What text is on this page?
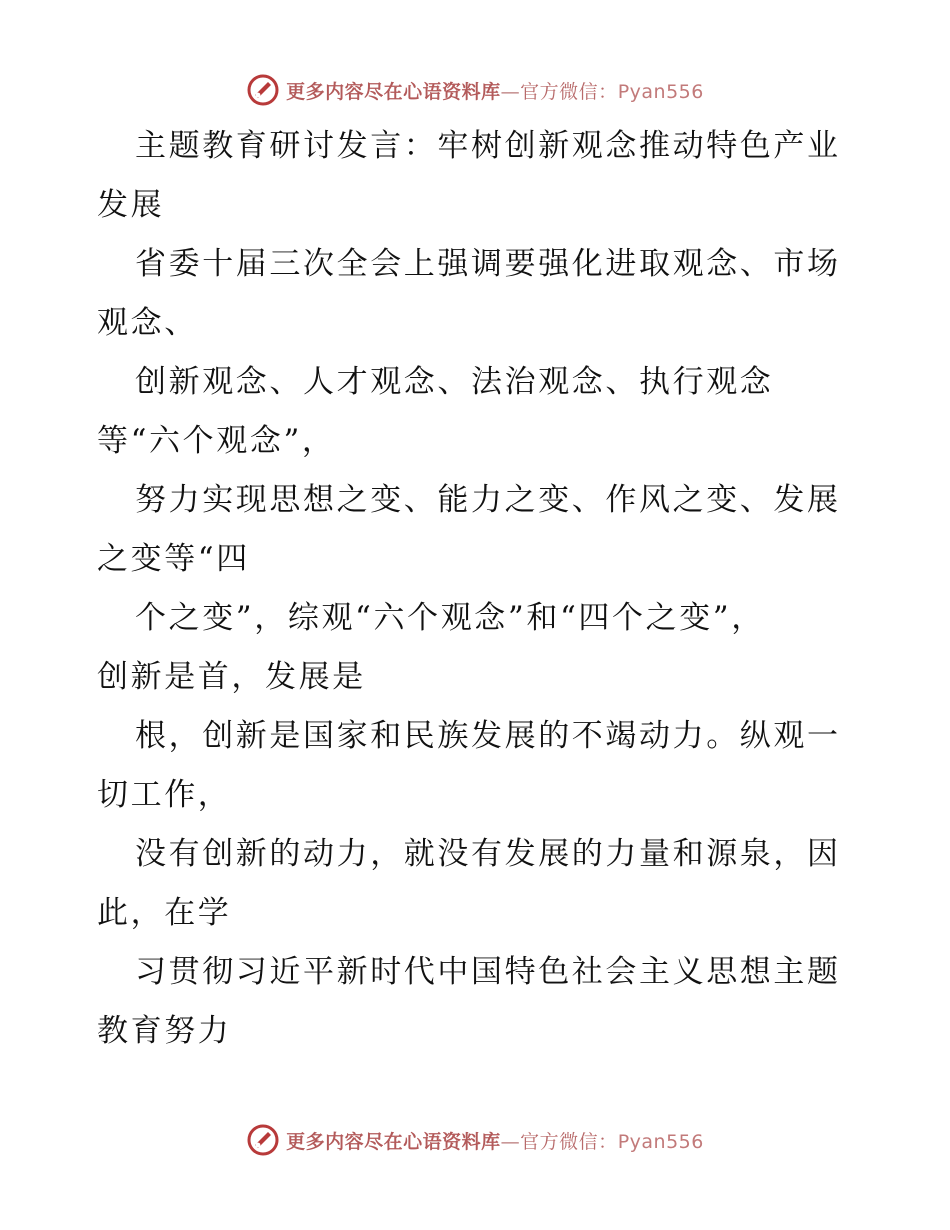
更多内容尽在心语资料库—官方微信：Pyan556

主题教育研讨发言：牢树创新观念推动特色产业

发展

省委十届三次全会上强调要强化进取观念、市场

观念、

创新观念、人才观念、法治观念、执行观念

等“六个观念”，

努力实现思想之变、能力之变、作风之变、发展

之变等“四

个之变”，综观“六个观念”和“四个之变”，

创新是首，发展是

根，创新是国家和民族发展的不竭动力。纵观一

切工作，

没有创新的动力，就没有发展的力量和源泉，因

此，在学

习贯彻习近平新时代中国特色社会主义思想主题

教育努力

更多内容尽在心语资料库—官方微信：Pyan556
